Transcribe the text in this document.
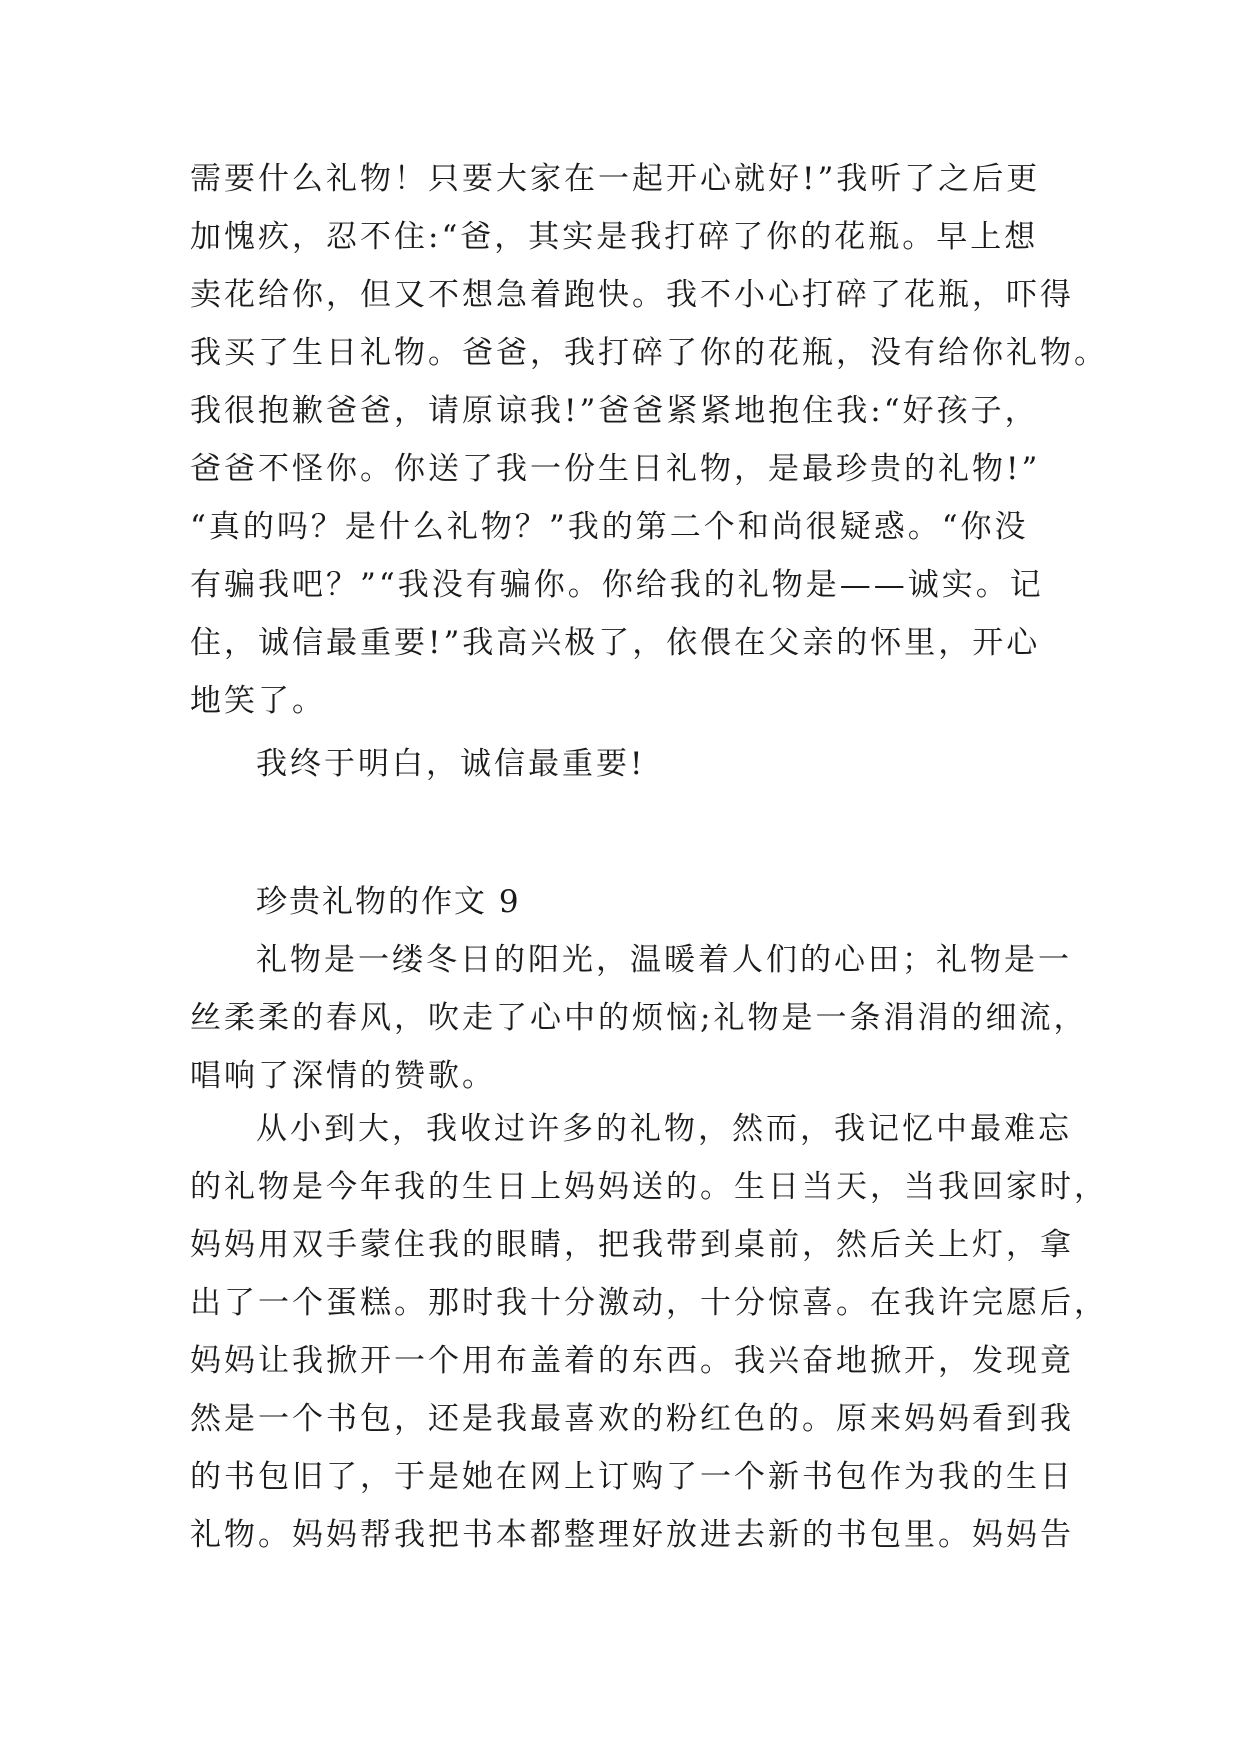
需要什么礼物！只要大家在一起开心就好!”我听了之后更
加愧疚，忍不住:“爸，其实是我打碎了你的花瓶。早上想
卖花给你，但又不想急着跑快。我不小心打碎了花瓶，吓得
我买了生日礼物。爸爸，我打碎了你的花瓶，没有给你礼物。
我很抱歉爸爸，请原谅我!”爸爸紧紧地抱住我:“好孩子，
爸爸不怪你。你送了我一份生日礼物，是最珍贵的礼物!”
“真的吗？是什么礼物？”我的第二个和尚很疑惑。“你没
有骗我吧？”“我没有骗你。你给我的礼物是——诚实。记
住，诚信最重要!”我高兴极了，依偎在父亲的怀里，开心
地笑了。
我终于明白，诚信最重要!
珍贵礼物的作文 9
礼物是一缕冬日的阳光，温暖着人们的心田；礼物是一
丝柔柔的春风，吹走了心中的烦恼;礼物是一条涓涓的细流，
唱响了深情的赞歌。
从小到大，我收过许多的礼物，然而，我记忆中最难忘
的礼物是今年我的生日上妈妈送的。生日当天，当我回家时，
妈妈用双手蒙住我的眼睛，把我带到桌前，然后关上灯，拿
出了一个蛋糕。那时我十分激动，十分惊喜。在我许完愿后，
妈妈让我掀开一个用布盖着的东西。我兴奋地掀开，发现竟
然是一个书包，还是我最喜欢的粉红色的。原来妈妈看到我
的书包旧了，于是她在网上订购了一个新书包作为我的生日
礼物。妈妈帮我把书本都整理好放进去新的书包里。妈妈告
